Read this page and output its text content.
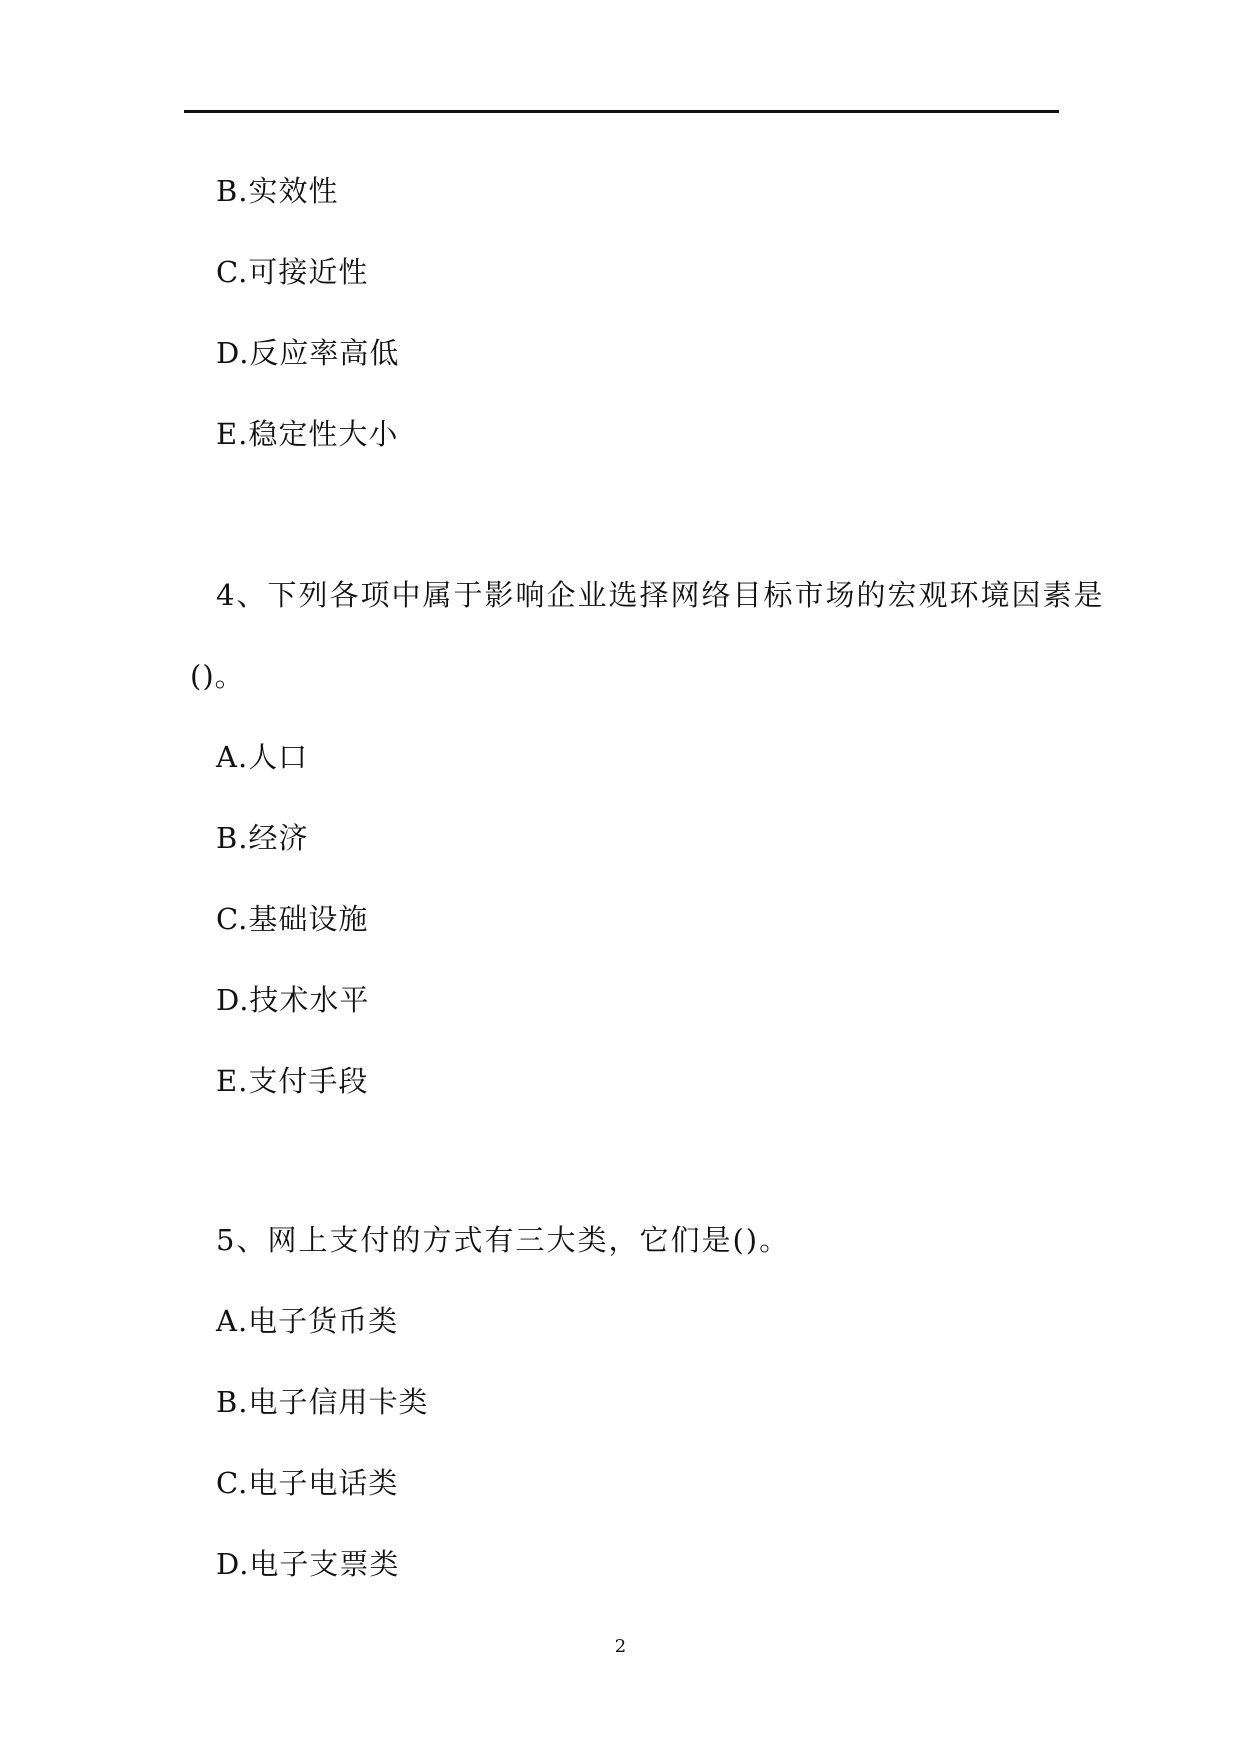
B.实效性
C.可接近性
D.反应率高低
E.稳定性大小
4、下列各项中属于影响企业选择网络目标市场的宏观环境因素是
()。
A.人口
B.经济
C.基础设施
D.技术水平
E.支付手段
5、网上支付的方式有三大类，它们是()。
A.电子货币类
B.电子信用卡类
C.电子电话类
D.电子支票类
2
